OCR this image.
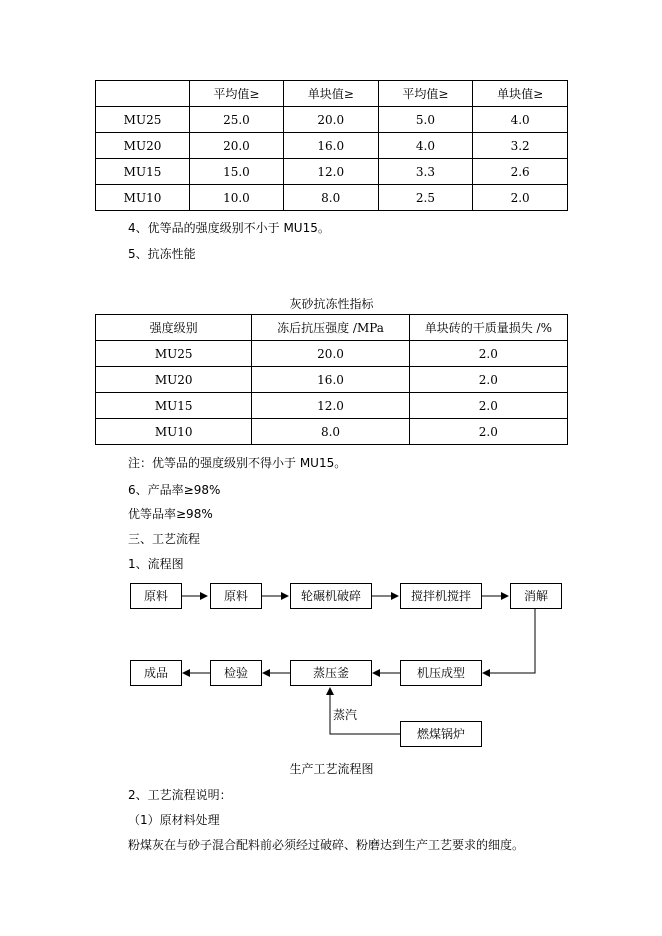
	平均值≥	单块值≥	平均值≥	单块值≥
MU25	25.0	20.0	5.0	4.0
MU20	20.0	16.0	4.0	3.2
MU15	15.0	12.0	3.3	2.6
MU10	10.0	8.0	2.5	2.0
4、优等品的强度级别不小于 MU15。
5、抗冻性能
灰砂抗冻性指标
强度级别	冻后抗压强度 /MPa	单块砖的干质量损失 /%
MU25	20.0	2.0
MU20	16.0	2.0
MU15	12.0	2.0
MU10	8.0	2.0
注：优等品的强度级别不得小于 MU15。
6、产品率≥98%
优等品率≥98%
三、工艺流程
1、流程图
原料	原料	轮碾机破碎	搅拌机搅拌	消解
成品	检验	蒸压釜	机压成型
燃煤锅炉
蒸汽
生产工艺流程图
2、工艺流程说明：
（1）原材料处理
粉煤灰在与砂子混合配料前必须经过破碎、粉磨达到生产工艺要求的细度。
